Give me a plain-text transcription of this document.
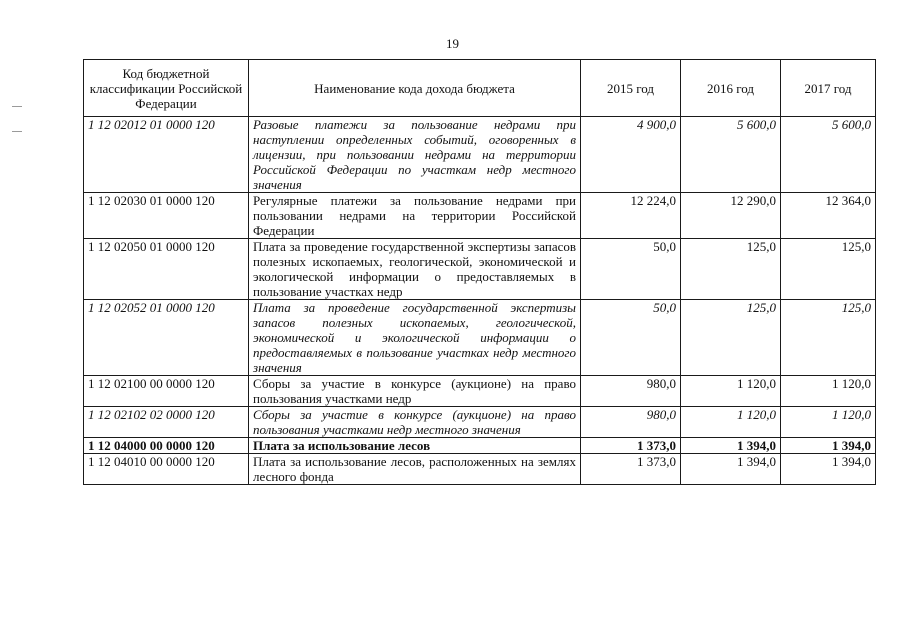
19
Код бюджетной классификации Российской Федерации	Наименование кода дохода бюджета	2015 год	2016 год	2017 год
1 12 02012 01 0000 120	Разовые платежи за пользование недрами при наступлении определенных событий, оговоренных в лицензии, при пользовании недрами на территории Российской Федерации по участкам недр местного значения	4 900,0	5 600,0	5 600,0
1 12 02030 01 0000 120	Регулярные платежи за пользование недрами при пользовании недрами на территории Российской Федерации	12 224,0	12 290,0	12 364,0
1 12 02050 01 0000 120	Плата за проведение государственной экспертизы запасов полезных ископаемых, геологической, экономической и экологической информации о предоставляемых в пользование участках недр	50,0	125,0	125,0
1 12 02052 01 0000 120	Плата за проведение государственной экспертизы запасов полезных ископаемых, геологической, экономической и экологической информации о предоставляемых в пользование участках недр местного значения	50,0	125,0	125,0
1 12 02100 00 0000 120	Сборы за участие в конкурсе (аукционе) на право пользования участками недр	980,0	1 120,0	1 120,0
1 12 02102 02 0000 120	Сборы за участие в конкурсе (аукционе) на право пользования участками недр местного значения	980,0	1 120,0	1 120,0
1 12 04000 00 0000 120	Плата за использование лесов	1 373,0	1 394,0	1 394,0
1 12 04010 00 0000 120	Плата за использование лесов, расположенных на землях лесного фонда	1 373,0	1 394,0	1 394,0
